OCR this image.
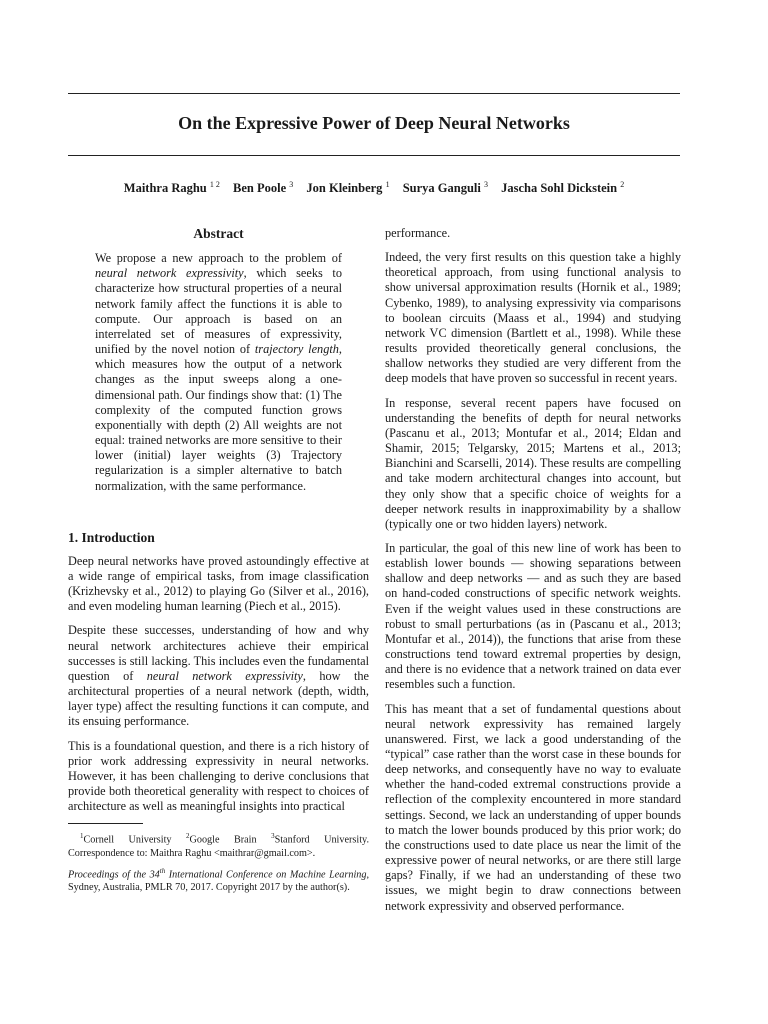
On the Expressive Power of Deep Neural Networks
Maithra Raghu $^{1 2}$ Ben Poole $^3$ Jon Kleinberg $^1$ Surya Ganguli $^3$ Jascha Sohl Dickstein $^2$
Abstract
We propose a new approach to the problem of neural network expressivity, which seeks to characterize how structural properties of a neural network family affect the functions it is able to compute. Our approach is based on an interrelated set of measures of expressivity, unified by the novel notion of trajectory length, which measures how the output of a network changes as the input sweeps along a one-dimensional path. Our findings show that: (1) The complexity of the computed function grows exponentially with depth (2) All weights are not equal: trained networks are more sensitive to their lower (initial) layer weights (3) Trajectory regularization is a simpler alternative to batch normalization, with the same performance.
1. Introduction

Deep neural networks have proved astoundingly effective at a wide range of empirical tasks, from image classification (Krizhevsky et al., 2012) to playing Go (Silver et al., 2016), and even modeling human learning (Piech et al., 2015).

Despite these successes, understanding of how and why neural network architectures achieve their empirical successes is still lacking. This includes even the fundamental question of neural network expressivity, how the architectural properties of a neural network (depth, width, layer type) affect the resulting functions it can compute, and its ensuing performance.

This is a foundational question, and there is a rich history of prior work addressing expressivity in neural networks. However, it has been challenging to derive conclusions that provide both theoretical generality with respect to choices of architecture as well as meaningful insights into practical

$^1$Cornell University $^2$Google Brain $^3$Stanford University. Correspondence to: Maithra Raghu <maithrar@gmail.com>.

Proceedings of the 34th International Conference on Machine Learning, Sydney, Australia, PMLR 70, 2017. Copyright 2017 by the author(s).

performance.

Indeed, the very first results on this question take a highly theoretical approach, from using functional analysis to show universal approximation results (Hornik et al., 1989; Cybenko, 1989), to analysing expressivity via comparisons to boolean circuits (Maass et al., 1994) and studying network VC dimension (Bartlett et al., 1998). While these results provided theoretically general conclusions, the shallow networks they studied are very different from the deep models that have proven so successful in recent years.

In response, several recent papers have focused on understanding the benefits of depth for neural networks (Pascanu et al., 2013; Montufar et al., 2014; Eldan and Shamir, 2015; Telgarsky, 2015; Martens et al., 2013; Bianchini and Scarselli, 2014). These results are compelling and take modern architectural changes into account, but they only show that a specific choice of weights for a deeper network results in inapproximability by a shallow (typically one or two hidden layers) network.

In particular, the goal of this new line of work has been to establish lower bounds — showing separations between shallow and deep networks — and as such they are based on hand-coded constructions of specific network weights. Even if the weight values used in these constructions are robust to small perturbations (as in (Pascanu et al., 2013; Montufar et al., 2014)), the functions that arise from these constructions tend toward extremal properties by design, and there is no evidence that a network trained on data ever resembles such a function.

This has meant that a set of fundamental questions about neural network expressivity has remained largely unanswered. First, we lack a good understanding of the “typical” case rather than the worst case in these bounds for deep networks, and consequently have no way to evaluate whether the hand-coded extremal constructions provide a reflection of the complexity encountered in more standard settings. Second, we lack an understanding of upper bounds to match the lower bounds produced by this prior work; do the constructions used to date place us near the limit of the expressive power of neural networks, or are there still large gaps? Finally, if we had an understanding of these two issues, we might begin to draw connections between network expressivity and observed performance.
